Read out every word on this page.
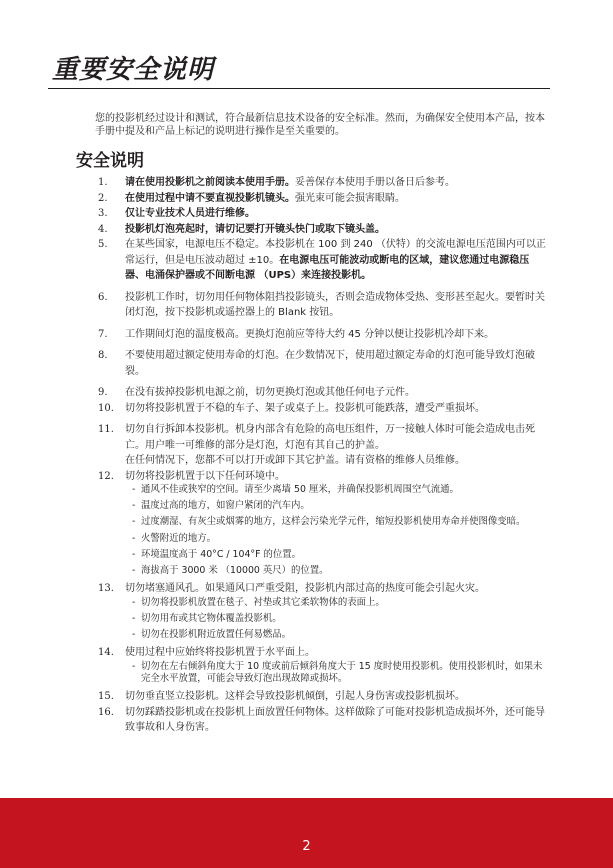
重要安全说明

您的投影机经过设计和测试，符合最新信息技术设备的安全标准。然而，为确保安全使用本产品，按本手册中提及和产品上标记的说明进行操作是至关重要的。

安全说明
1. 请在使用投影机之前阅读本使用手册。妥善保存本使用手册以备日后参考。
2. 在使用过程中请不要直视投影机镜头。强光束可能会损害眼睛。
3. 仅让专业技术人员进行维修。
4. 投影机灯泡亮起时，请切记要打开镜头快门或取下镜头盖。
5. 在某些国家，电源电压不稳定。本投影机在 100 到 240 （伏特）的交流电源电压范围内可以正常运行，但是电压波动超过 ±10。在电源电压可能波动或断电的区域，建议您通过电源稳压器、电涌保护器或不间断电源 （UPS）来连接投影机。
6. 投影机工作时，切勿用任何物体阻挡投影镜头，否则会造成物体受热、变形甚至起火。要暂时关闭灯泡，按下投影机或遥控器上的 Blank 按钮。
7. 工作期间灯泡的温度极高。更换灯泡前应等待大约 45 分钟以便让投影机冷却下来。
8. 不要使用超过额定使用寿命的灯泡。在少数情况下，使用超过额定寿命的灯泡可能导致灯泡破裂。
9. 在没有拔掉投影机电源之前，切勿更换灯泡或其他任何电子元件。
10. 切勿将投影机置于不稳的车子、架子或桌子上。投影机可能跌落，遭受严重损坏。
11. 切勿自行拆卸本投影机。机身内部含有危险的高电压组件，万一接触人体时可能会造成电击死亡。用户唯一可维修的部分是灯泡，灯泡有其自己的护盖。
在任何情况下，您都不可以打开或卸下其它护盖。请有资格的维修人员维修。
12. 切勿将投影机置于以下任何环境中。
- 通风不佳或狭窄的空间。请至少离墙 50 厘米，并确保投影机周围空气流通。
- 温度过高的地方，如窗户紧闭的汽车内。
- 过度潮湿、有灰尘或烟雾的地方，这样会污染光学元件，缩短投影机使用寿命并使图像变暗。
- 火警附近的地方。
- 环境温度高于 40°C / 104°F 的位置。
- 海拔高于 3000 米 （10000 英尺）的位置。
13. 切勿堵塞通风孔。如果通风口严重受阻，投影机内部过高的热度可能会引起火灾。
- 切勿将投影机放置在毯子、衬垫或其它柔软物体的表面上。
- 切勿用布或其它物体覆盖投影机。
- 切勿在投影机附近放置任何易燃品。
14. 使用过程中应始终将投影机置于水平面上。
- 切勿在左右倾斜角度大于 10 度或前后倾斜角度大于 15 度时使用投影机。使用投影机时，如果未完全水平放置，可能会导致灯泡出现故障或损坏。
15. 切勿垂直竖立投影机。这样会导致投影机倾倒，引起人身伤害或投影机损坏。
16. 切勿踩踏投影机或在投影机上面放置任何物体。这样做除了可能对投影机造成损坏外，还可能导致事故和人身伤害。
2
